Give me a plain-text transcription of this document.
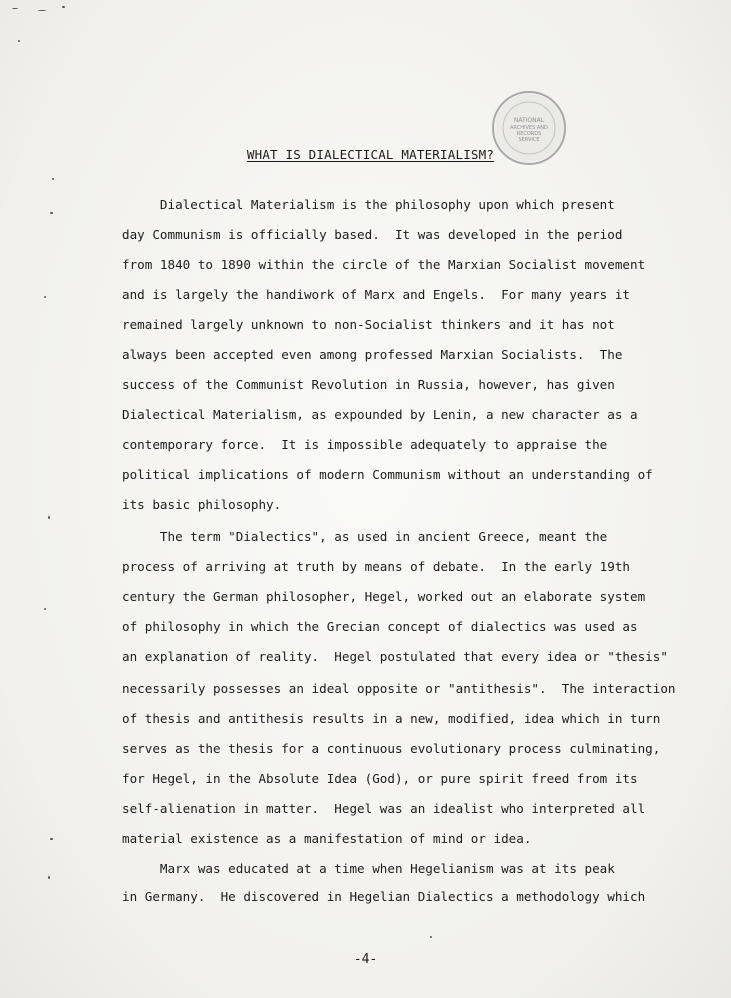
NATIONAL
ARCHIVES AND
RECORDS
SERVICE
WHAT IS DIALECTICAL MATERIALISM?
Dialectical Materialism is the philosophy upon which present
day Communism is officially based.  It was developed in the period
from 1840 to 1890 within the circle of the Marxian Socialist movement
and is largely the handiwork of Marx and Engels.  For many years it
remained largely unknown to non-Socialist thinkers and it has not
always been accepted even among professed Marxian Socialists.  The
success of the Communist Revolution in Russia, however, has given
Dialectical Materialism, as expounded by Lenin, a new character as a
contemporary force.  It is impossible adequately to appraise the
political implications of modern Communism without an understanding of
its basic philosophy.
The term "Dialectics", as used in ancient Greece, meant the
process of arriving at truth by means of debate.  In the early 19th
century the German philosopher, Hegel, worked out an elaborate system
of philosophy in which the Grecian concept of dialectics was used as
an explanation of reality.  Hegel postulated that every idea or "thesis"
necessarily possesses an ideal opposite or "antithesis".  The interaction
of thesis and antithesis results in a new, modified, idea which in turn
serves as the thesis for a continuous evolutionary process culminating,
for Hegel, in the Absolute Idea (God), or pure spirit freed from its
self-alienation in matter.  Hegel was an idealist who interpreted all
material existence as a manifestation of mind or idea.
Marx was educated at a time when Hegelianism was at its peak
in Germany.  He discovered in Hegelian Dialectics a methodology which
-4-
